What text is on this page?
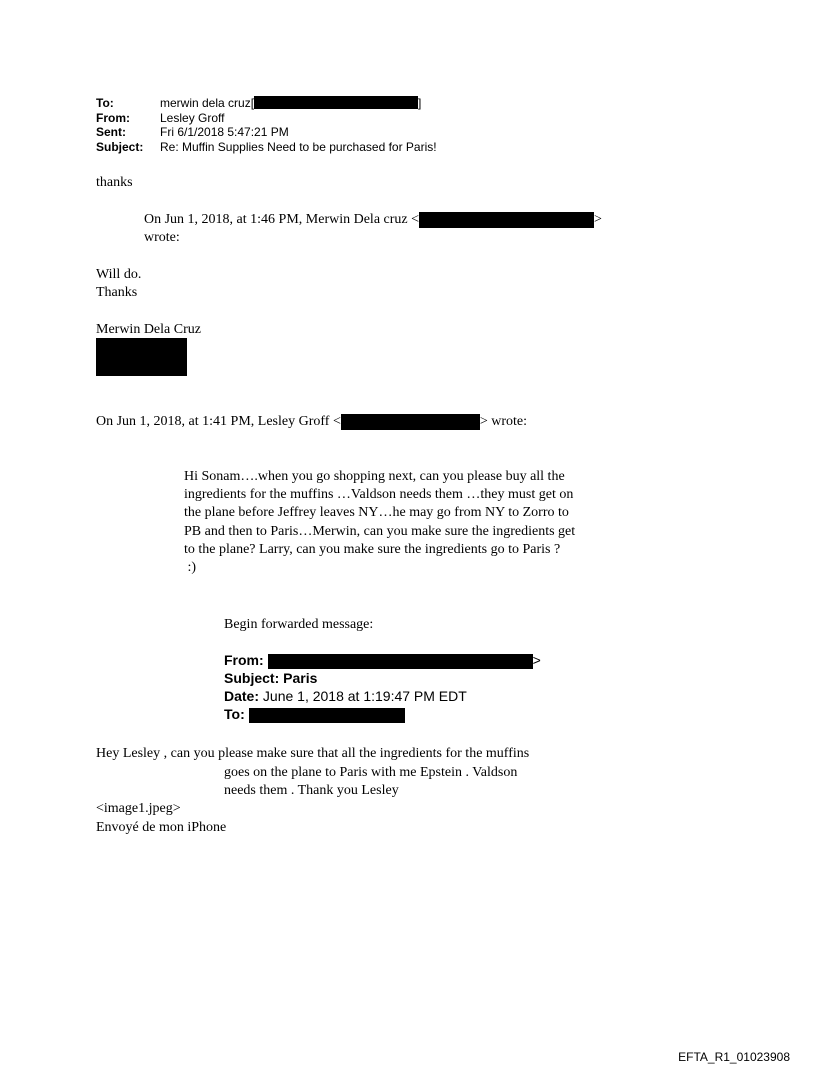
To:	merwin dela cruz[	]
From:	Lesley Groff
Sent:	Fri 6/1/2018 5:47:21 PM
Subject:	Re: Muffin Supplies Need to be purchased for Paris!
thanks
On Jun 1, 2018, at 1:46 PM, Merwin Dela cruz <	>
wrote:
Will do.
Thanks
Merwin Dela Cruz
On Jun 1, 2018, at 1:41 PM, Lesley Groff <	> wrote:
Hi Sonam….when you go shopping next, can you please buy all the
ingredients for the muffins …Valdson needs them …they must get on
the plane before Jeffrey leaves NY…he may go from NY to Zorro to
PB and then to Paris…Merwin, can you make sure the ingredients get
to the plane? Larry, can you make sure the ingredients go to Paris ?
:)
Begin forwarded message:
From:	>
Subject: Paris
Date: June 1, 2018 at 1:19:47 PM EDT
To:
Hey Lesley , can you please make sure that all the ingredients for the muffins
goes on the plane to Paris with me Epstein . Valdson
needs them . Thank you Lesley
<image1.jpeg>
Envoyé de mon iPhone
EFTA_R1_01023908
